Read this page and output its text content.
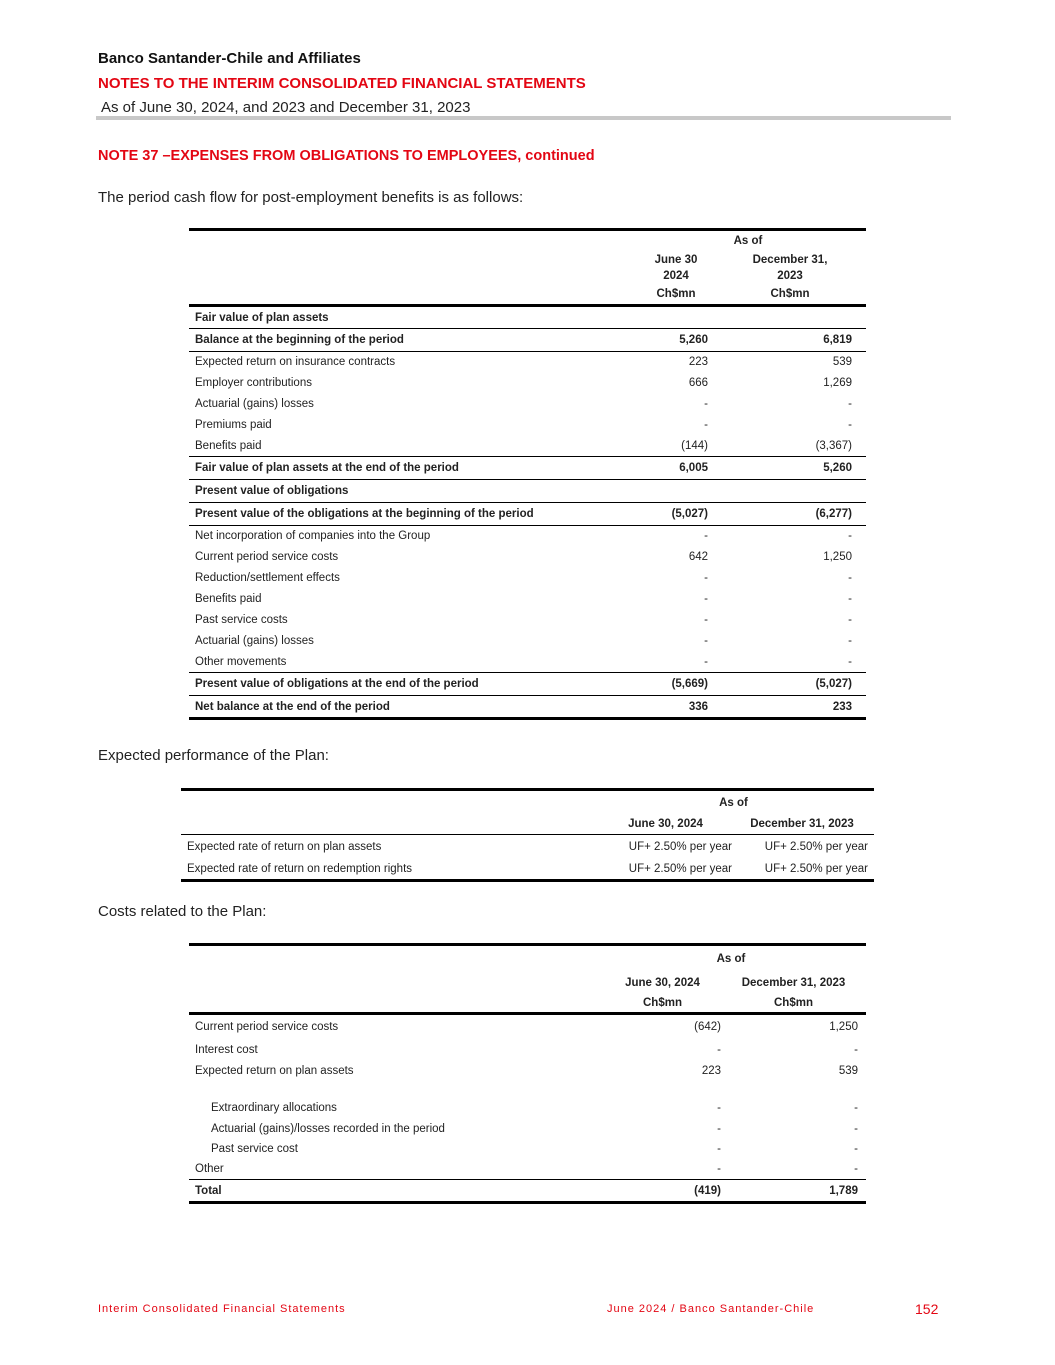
Banco Santander-Chile and Affiliates
NOTES TO THE INTERIM CONSOLIDATED FINANCIAL STATEMENTS
As of June 30, 2024, and 2023 and December 31, 2023
NOTE 37 –EXPENSES FROM OBLIGATIONS TO EMPLOYEES, continued
The period cash flow for post-employment benefits is as follows:
	As of	
	June 30	December 31,
	2024	2023
	Ch$mn	Ch$mn
Fair value of plan assets		
Balance at the beginning of the period	5,260	6,819
Expected return on insurance contracts	223	539
Employer contributions	666	1,269
Actuarial (gains) losses	-	-
Premiums paid	-	-
Benefits paid	(144)	(3,367)
Fair value of plan assets at the end of the period	6,005	5,260
Present value of obligations		
Present value of the obligations at the beginning of the period	(5,027)	(6,277)
Net incorporation of companies into the Group	-	-
Current period service costs	642	1,250
Reduction/settlement effects	-	-
Benefits paid	-	-
Past service costs	-	-
Actuarial (gains) losses	-	-
Other movements	-	-
Present value of obligations at the end of the period	(5,669)	(5,027)
Net balance at the end of the period	336	233
Expected performance of the Plan:
	As of	
	June 30, 2024	December 31, 2023
Expected rate of return on plan assets	UF+ 2.50% per year	UF+ 2.50% per year
Expected rate of return on redemption rights	UF+ 2.50% per year	UF+ 2.50% per year
Costs related to the Plan:
	As of	
	June 30, 2024	December 31, 2023
	Ch$mn	Ch$mn
Current period service costs	(642)	1,250
Interest cost	-	-
Expected return on plan assets	223	539

Extraordinary allocations	-	-
Actuarial (gains)/losses recorded in the period	-	-
Past service cost	-	-
Other	-	-
Total	(419)	1,789
Interim Consolidated Financial Statements	June 2024 / Banco Santander-Chile	152
